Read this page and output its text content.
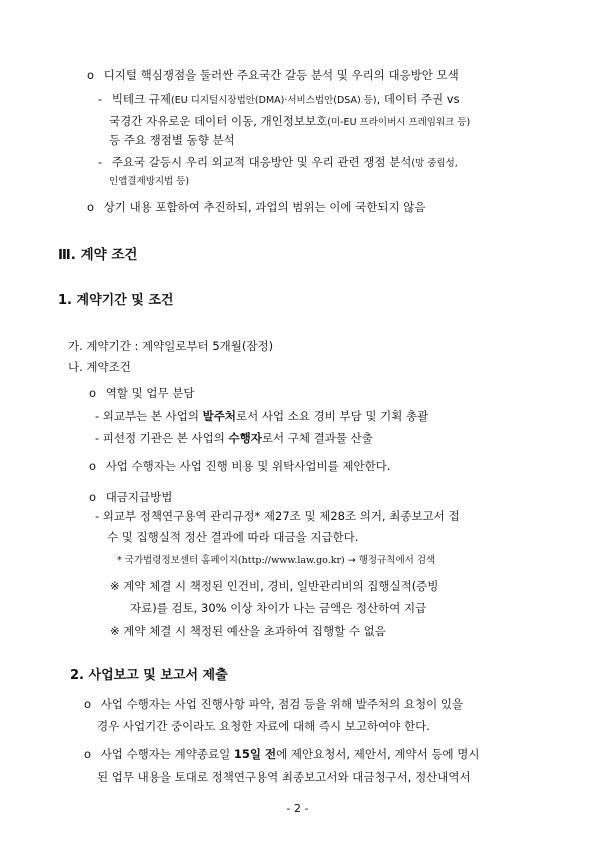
o 디지털 핵심쟁점을 둘러싼 주요국간 갈등 분석 및 우리의 대응방안 모색
- 빅테크 규제(EU 디지털시장법안(DMA)·서비스법안(DSA) 등), 데이터 주권 vs
국경간 자유로운 데이터 이동, 개인정보보호(미-EU 프라이버시 프레임워크 등)
등 주요 쟁점별 동향 분석
- 주요국 갈등시 우리 외교적 대응방안 및 우리 관련 쟁점 분석(망 중립성,
인앱결제방지법 등)
o 상기 내용 포함하여 추진하되, 과업의 범위는 이에 국한되지 않음
Ⅲ. 계약 조건
1. 계약기간 및 조건
가. 계약기간 : 계약일로부터 5개월(잠정)
나. 계약조건
o 역할 및 업무 분담
- 외교부는 본 사업의 발주처로서 사업 소요 경비 부담 및 기획 총괄
- 피선정 기관은 본 사업의 수행자로서 구체 결과물 산출
o 사업 수행자는 사업 진행 비용 및 위탁사업비를 제안한다.
o 대금지급방법
- 외교부 정책연구용역 관리규정* 제27조 및 제28조 의거, 최종보고서 접
수 및 집행실적 정산 결과에 따라 대금을 지급한다.
* 국가법령정보센터 홈페이지(http://www.law.go.kr) → 행정규칙에서 검색
※ 계약 체결 시 책정된 인건비, 경비, 일반관리비의 집행실적(증빙
자료)를 검토, 30% 이상 차이가 나는 금액은 정산하여 지급
※ 계약 체결 시 책정된 예산을 초과하여 집행할 수 없음
2. 사업보고 및 보고서 제출
o 사업 수행자는 사업 진행사항 파악, 점검 등을 위해 발주처의 요청이 있을
경우 사업기간 중이라도 요청한 자료에 대해 즉시 보고하여야 한다.
o 사업 수행자는 계약종료일 15일 전에 제안요청서, 제안서, 계약서 등에 명시
된 업무 내용을 토대로 정책연구용역 최종보고서와 대금청구서, 정산내역서
- 2 -
